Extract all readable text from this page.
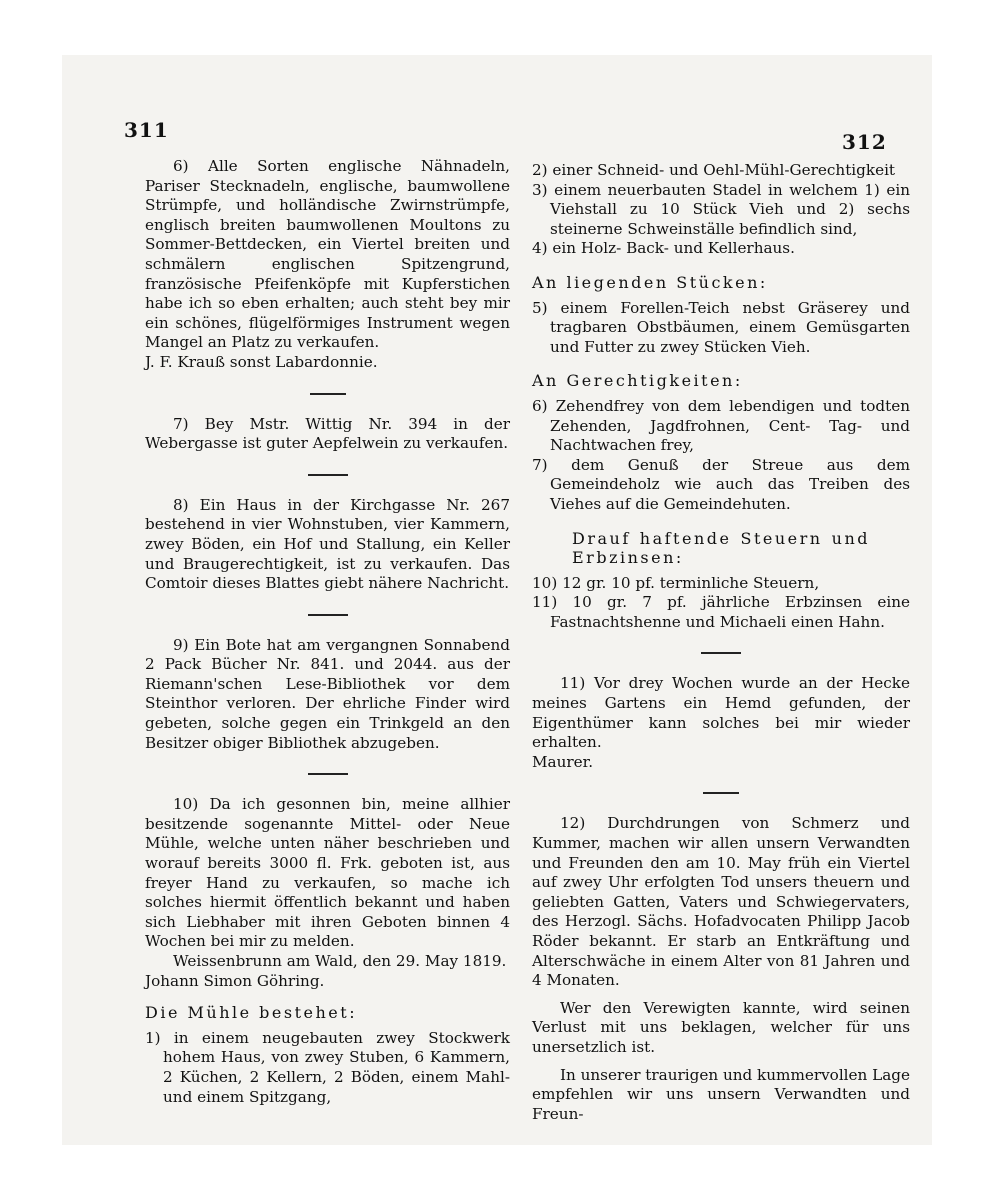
311	312

6) Alle Sorten englische Nähnadeln, Pariser Stecknadeln, englische, baumwollene Strümpfe, und holländische Zwirnstrümpfe, englisch breiten baumwollenen Moultons zu Sommer-Bettdecken, ein Viertel breiten und schmälern englischen Spitzengrund, französische Pfeifenköpfe mit Kupferstichen habe ich so eben erhalten; auch steht bey mir ein schönes, flügelförmiges Instrument wegen Mangel an Platz zu verkaufen.

J. F. Krauß sonst Labardonnie.

7) Bey Mstr. Wittig Nr. 394 in der Webergasse ist guter Aepfelwein zu verkaufen.

8) Ein Haus in der Kirchgasse Nr. 267 bestehend in vier Wohnstuben, vier Kammern, zwey Böden, ein Hof und Stallung, ein Keller und Braugerechtigkeit, ist zu verkaufen. Das Comtoir dieses Blattes giebt nähere Nachricht.

9) Ein Bote hat am vergangnen Sonnabend 2 Pack Bücher Nr. 841. und 2044. aus der Riemann'schen Lese-Bibliothek vor dem Steinthor verloren. Der ehrliche Finder wird gebeten, solche gegen ein Trinkgeld an den Besitzer obiger Bibliothek abzugeben.

10) Da ich gesonnen bin, meine allhier besitzende sogenannte Mittel- oder Neue Mühle, welche unten näher beschrieben und worauf bereits 3000 fl. Frk. geboten ist, aus freyer Hand zu verkaufen, so mache ich solches hiermit öffentlich bekannt und haben sich Liebhaber mit ihren Geboten binnen 4 Wochen bei mir zu melden.

Weissenbrunn am Wald, den 29. May 1819.

Johann Simon Göhring.

Die Mühle bestehet:

1) in einem neugebauten zwey Stockwerk hohem Haus, von zwey Stuben, 6 Kammern, 2 Küchen, 2 Kellern, 2 Böden, einem Mahl- und einem Spitzgang,

2) einer Schneid- und Oehl-Mühl-Gerechtigkeit

3) einem neuerbauten Stadel in welchem 1) ein Viehstall zu 10 Stück Vieh und 2) sechs steinerne Schweinställe befindlich sind,

4) ein Holz- Back- und Kellerhaus.

An liegenden Stücken:

5) einem Forellen-Teich nebst Gräserey und tragbaren Obstbäumen, einem Gemüsgarten und Futter zu zwey Stücken Vieh.

An Gerechtigkeiten:

6) Zehendfrey von dem lebendigen und todten Zehenden, Jagdfrohnen, Cent- Tag- und Nachtwachen frey,

7) dem Genuß der Streue aus dem Gemeindeholz wie auch das Treiben des Viehes auf die Gemeindehuten.

Drauf haftende Steuern und Erbzinsen:

10) 12 gr. 10 pf. terminliche Steuern,

11) 10 gr. 7 pf. jährliche Erbzinsen eine Fastnachtshenne und Michaeli einen Hahn.

11) Vor drey Wochen wurde an der Hecke meines Gartens ein Hemd gefunden, der Eigenthümer kann solches bei mir wieder erhalten.

Maurer.

12) Durchdrungen von Schmerz und Kummer, machen wir allen unsern Verwandten und Freunden den am 10. May früh ein Viertel auf zwey Uhr erfolgten Tod unsers theuern und geliebten Gatten, Vaters und Schwiegervaters, des Herzogl. Sächs. Hofadvocaten Philipp Jacob Röder bekannt. Er starb an Entkräftung und Alterschwäche in einem Alter von 81 Jahren und 4 Monaten.

Wer den Verewigten kannte, wird seinen Verlust mit uns beklagen, welcher für uns unersetzlich ist.

In unserer traurigen und kummervollen Lage empfehlen wir uns unsern Verwandten und Freun-
